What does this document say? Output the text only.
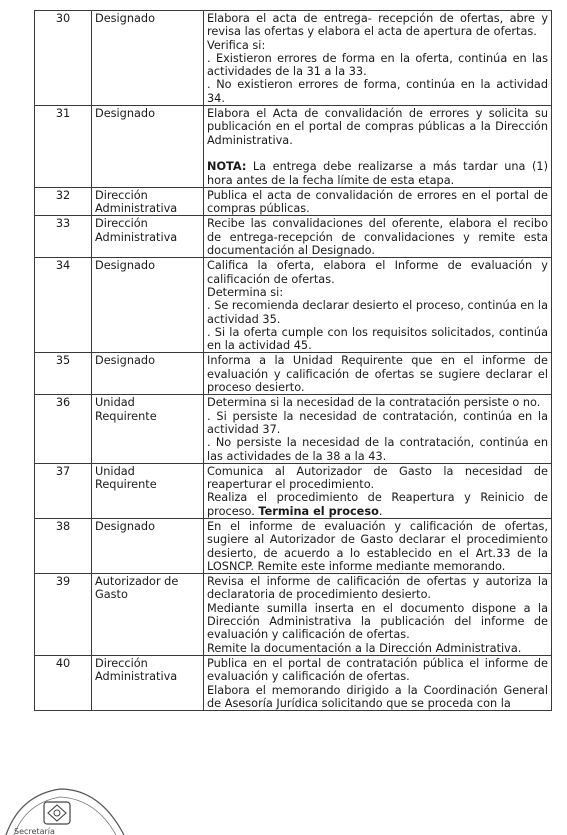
30	Designado	Elabora el acta de entrega- recepción de ofertas, abre y revisa las ofertas y elabora el acta de apertura de ofertas.
Verifica si:
. Existieron errores de forma en la oferta, continúa en las actividades de la 31 a la 33.
. No existieron errores de forma, continúa en la actividad 34.

31	Designado	Elabora el Acta de convalidación de errores y solicita su publicación en el portal de compras públicas a la Dirección Administrativa.
NOTA: La entrega debe realizarse a más tardar una (1) hora antes de la fecha límite de esta etapa.

32	Dirección
Administrativa	Publica el acta de convalidación de errores en el portal de compras públicas.

33	Dirección
Administrativa	Recibe las convalidaciones del oferente, elabora el recibo de entrega-recepción de convalidaciones y remite esta documentación al Designado.

34	Designado	Califica la oferta, elabora el Informe de evaluación y calificación de ofertas.
Determina si:
. Se recomienda declarar desierto el proceso, continúa en la actividad 35.
. Si la oferta cumple con los requisitos solicitados, continúa en la actividad 45.

35	Designado	Informa a la Unidad Requirente que en el informe de evaluación y calificación de ofertas se sugiere declarar el proceso desierto.

36	Unidad
Requirente	Determina si la necesidad de la contratación persiste o no.
. Si persiste la necesidad de contratación, continúa en la actividad 37.
. No persiste la necesidad de la contratación, continúa en las actividades de la 38 a la 43.

37	Unidad
Requirente	Comunica al Autorizador de Gasto la necesidad de reaperturar el procedimiento.
Realiza el procedimiento de Reapertura y Reinicio de proceso. Termina el proceso.

38	Designado	En el informe de evaluación y calificación de ofertas, sugiere al Autorizador de Gasto declarar el procedimiento desierto, de acuerdo a lo establecido en el Art.33 de la LOSNCP. Remite este informe mediante memorando.

39	Autorizador de
Gasto	Revisa el informe de calificación de ofertas y autoriza la declaratoria de procedimiento desierto.
Mediante sumilla inserta en el documento dispone a la Dirección Administrativa la publicación del informe de evaluación y calificación de ofertas.
Remite la documentación a la Dirección Administrativa.

40	Dirección
Administrativa	Publica en el portal de contratación pública el informe de evaluación y calificación de ofertas.
Elabora el memorando dirigido a la Coordinación General de Asesoría Jurídica solicitando que se proceda con la
Secretaría
